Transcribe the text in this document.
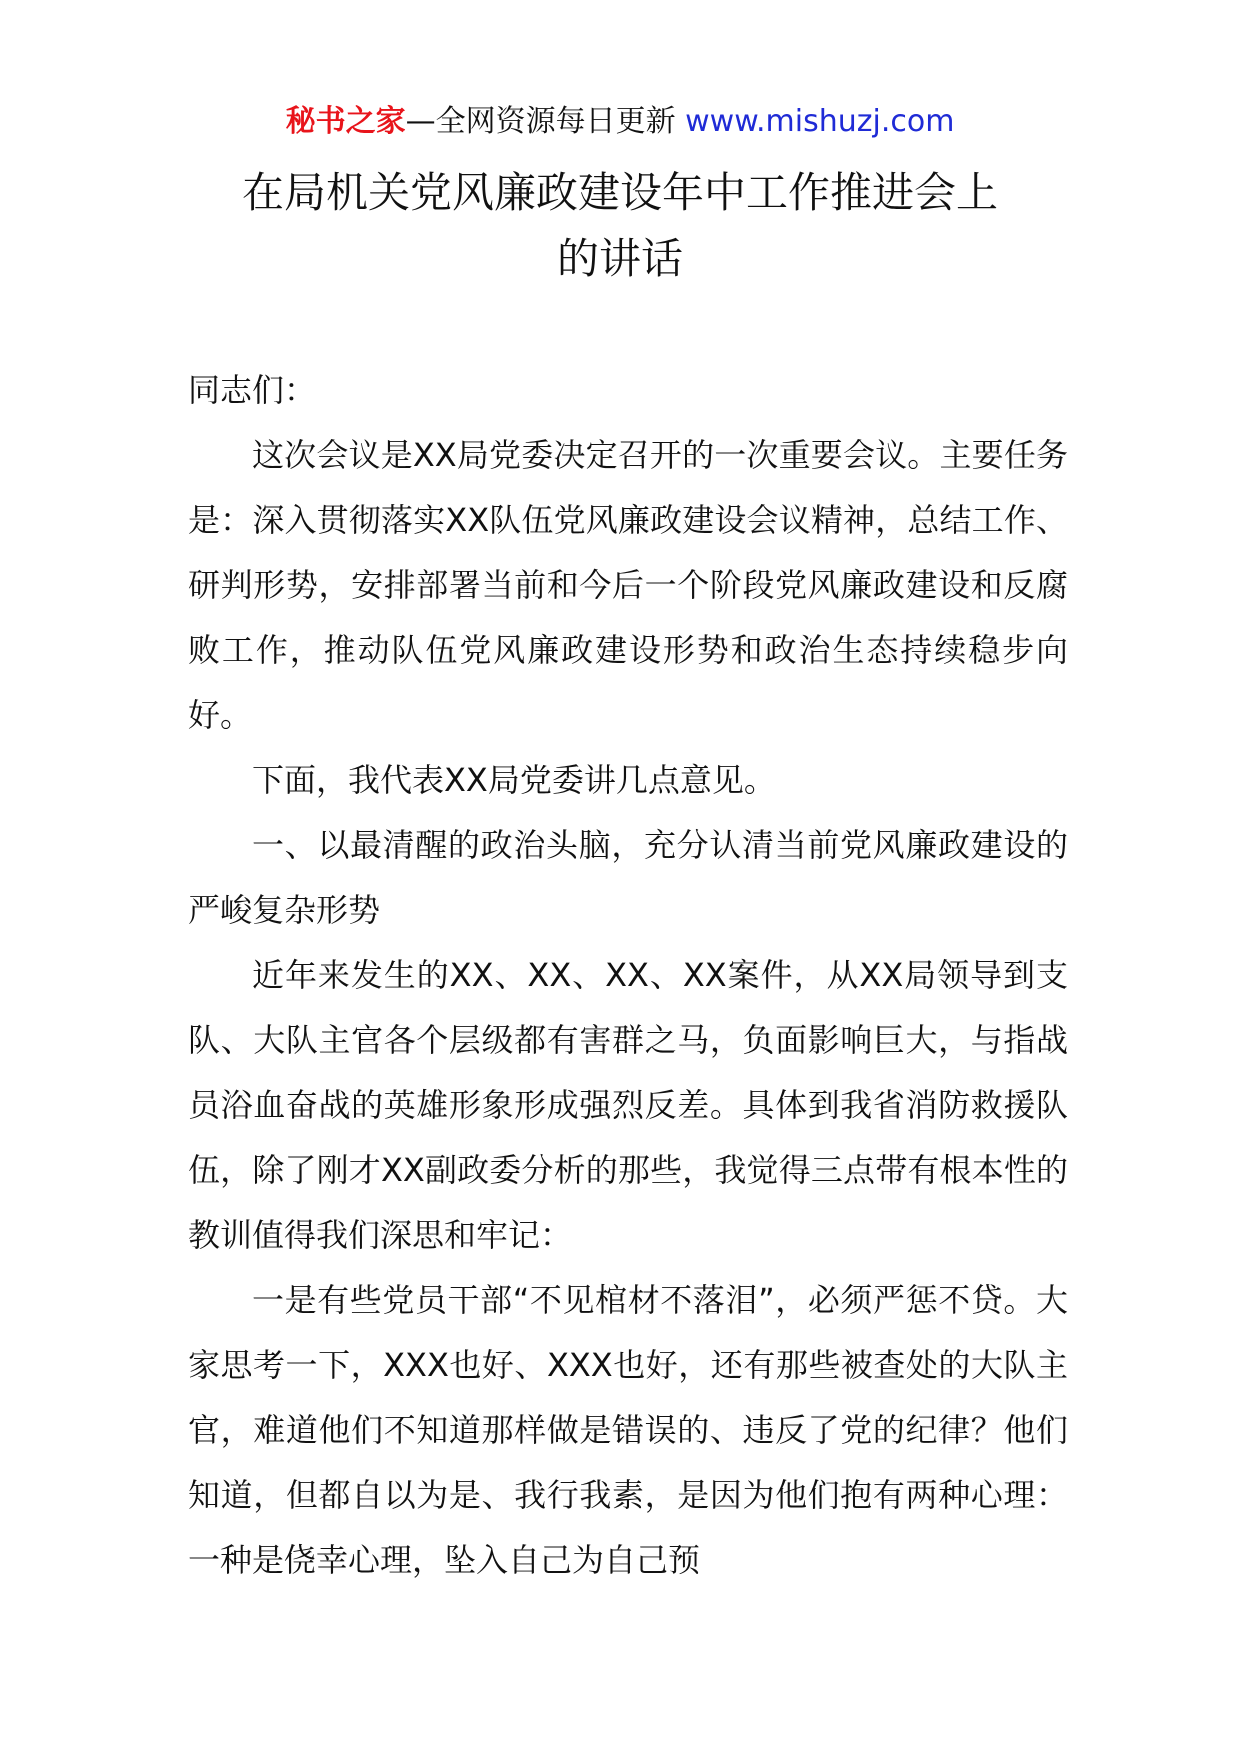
秘书之家—全网资源每日更新 www.mishuzj.com
在局机关党风廉政建设年中工作推进会上
的讲话

同志们：

这次会议是XX局党委决定召开的一次重要会议。主要任务是：深入贯彻落实XX队伍党风廉政建设会议精神，总结工作、研判形势，安排部署当前和今后一个阶段党风廉政建设和反腐败工作，推动队伍党风廉政建设形势和政治生态持续稳步向好。

下面，我代表XX局党委讲几点意见。

一、以最清醒的政治头脑，充分认清当前党风廉政建设的严峻复杂形势

近年来发生的XX、XX、XX、XX案件，从XX局领导到支队、大队主官各个层级都有害群之马，负面影响巨大，与指战员浴血奋战的英雄形象形成强烈反差。具体到我省消防救援队伍，除了刚才XX副政委分析的那些，我觉得三点带有根本性的教训值得我们深思和牢记：

一是有些党员干部“不见棺材不落泪”，必须严惩不贷。大家思考一下，XXX也好、XXX也好，还有那些被查处的大队主官，难道他们不知道那样做是错误的、违反了党的纪律？他们知道，但都自以为是、我行我素，是因为他们抱有两种心理：一种是侥幸心理，坠入自己为自己预
